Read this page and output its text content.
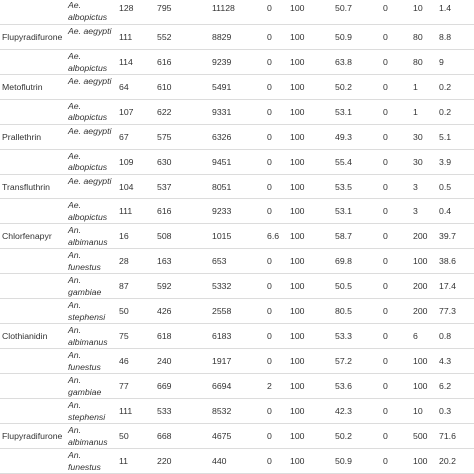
	Ae. albopictus	128	795	11128	0	100	50.7	0	10	1.4
Flupyradifurone	Ae. aegypti	111	552	8829	0	100	50.9	0	80	8.8
	Ae. albopictus	114	616	9239	0	100	63.8	0	80	9
Metoflutrin	Ae. aegypti	64	610	5491	0	100	50.2	0	1	0.2
	Ae. albopictus	107	622	9331	0	100	53.1	0	1	0.2
Prallethrin	Ae. aegypti	67	575	6326	0	100	49.3	0	30	5.1
	Ae. albopictus	109	630	9451	0	100	55.4	0	30	3.9
Transfluthrin	Ae. aegypti	104	537	8051	0	100	53.5	0	3	0.5
	Ae. albopictus	111	616	9233	0	100	53.1	0	3	0.4
Chlorfenapyr	An. albimanus	16	508	1015	6.6	100	58.7	0	200	39.7
	An. funestus	28	163	653	0	100	69.8	0	100	38.6
	An. gambiae	87	592	5332	0	100	50.5	0	200	17.4
	An. stephensi	50	426	2558	0	100	80.5	0	200	77.3
Clothianidin	An. albimanus	75	618	6183	0	100	53.3	0	6	0.8
	An. funestus	46	240	1917	0	100	57.2	0	100	4.3
	An. gambiae	77	669	6694	2	100	53.6	0	100	6.2
	An. stephensi	111	533	8532	0	100	42.3	0	10	0.3
Flupyradifurone	An. albimanus	50	668	4675	0	100	50.2	0	500	71.6
	An. funestus	11	220	440	0	100	50.9	0	100	20.2
